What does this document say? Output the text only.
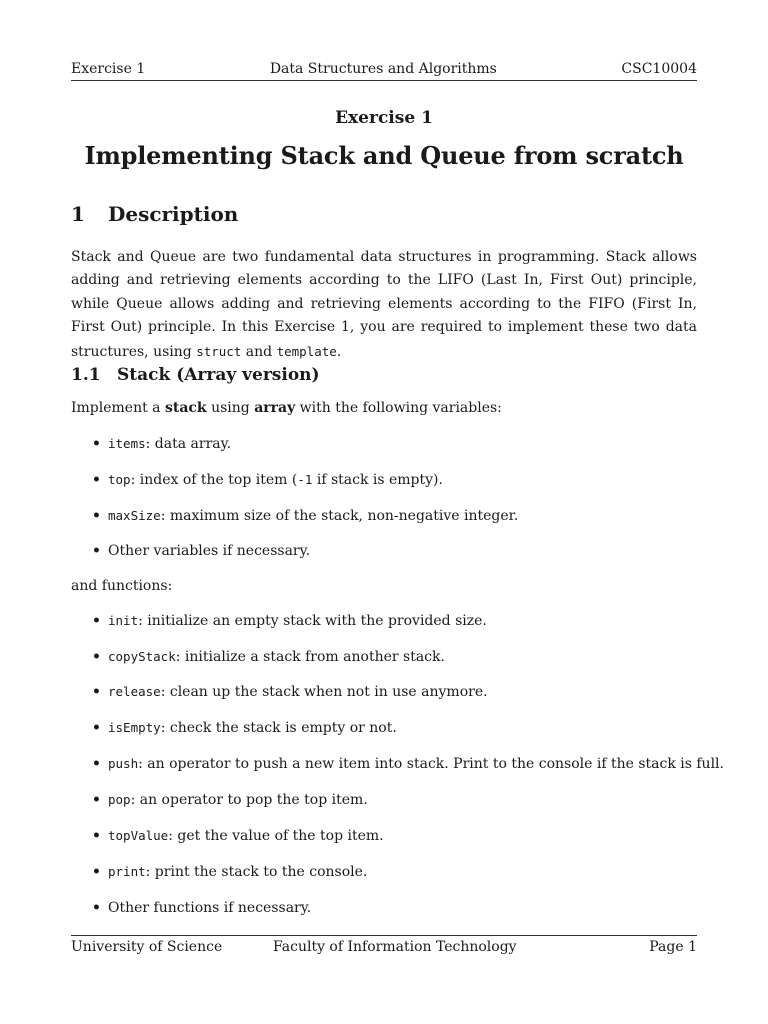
Exercise 1	Data Structures and Algorithms	CSC10004
Exercise 1
Implementing Stack and Queue from scratch
1 Description

Stack and Queue are two fundamental data structures in programming. Stack allows adding and retrieving elements according to the LIFO (Last In, First Out) principle, while Queue allows adding and retrieving elements according to the FIFO (First In, First Out) principle. In this Exercise 1, you are required to implement these two data structures, using struct and template.

1.1 Stack (Array version)

Implement a stack using array with the following variables:

• items: data array.
• top: index of the top item (-1 if stack is empty).
• maxSize: maximum size of the stack, non-negative integer.
• Other variables if necessary.

and functions:

• init: initialize an empty stack with the provided size.
• copyStack: initialize a stack from another stack.
• release: clean up the stack when not in use anymore.
• isEmpty: check the stack is empty or not.
• push: an operator to push a new item into stack. Print to the console if the stack is full.
• pop: an operator to pop the top item.
• topValue: get the value of the top item.
• print: print the stack to the console.
• Other functions if necessary.
University of Science	Faculty of Information Technology	Page 1
